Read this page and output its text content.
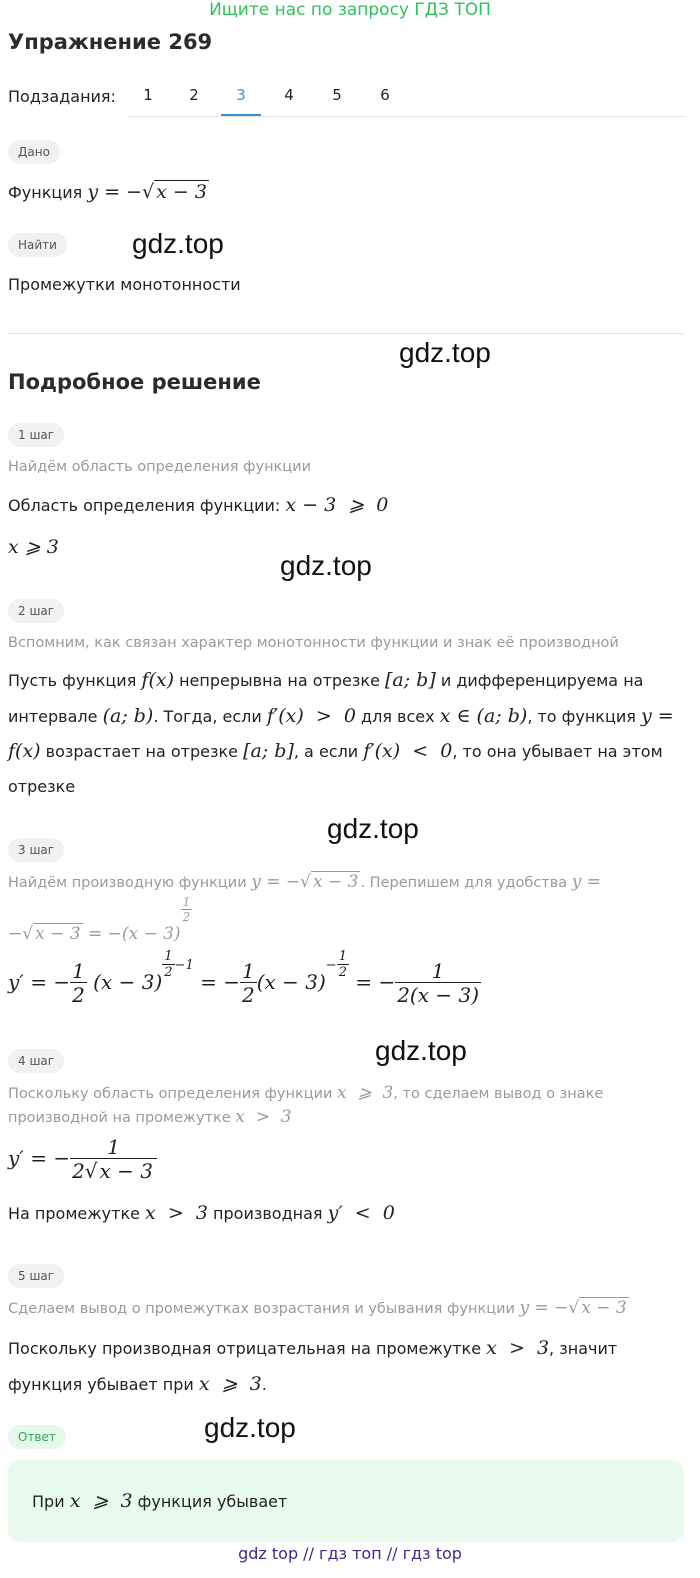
Ищите нас по запросу ГДЗ ТОП
Упражнение 269
Подзадания:	1	2	3	4	5	6
Дано
Функция y = −√ x − 3
Найти	gdz.top
Промежутки монотонности
gdz.top
Подробное решение
1 шаг
Найдём область определения функции
Область определения функции: x − 3  ⩾  0
x ⩾ 3
gdz.top
2 шаг
Вспомним, как связан характер монотонности функции и знак её производной
Пусть функция f(x) непрерывна на отрезке [a; b] и дифференцируема на
интервале (a; b). Тогда, если f′(x)  >  0 для всех x ∈ (a; b), то функция y =
f(x) возрастает на отрезке [a; b], а если f′(x)  <  0, то она убывает на этом
отрезке
gdz.top
3 шаг
Найдём производную функции y = −√ x − 3 . Перепишем для удобства y =
−√ x − 3 = −(x − 3)
$\frac{1}{2}$
y′ = − $\frac{1}{2} (x - 3)$
$^{\frac{1}{2} -1}$ = − $\frac{1}{2} (x - 3)^{- \frac{1}{2}}$
= − $\frac{1}{2(x - 3)}$
4 шаг	gdz.top
Поскольку область определения функции x  ⩾  3, то сделаем вывод о знаке
производной на промежутке x  >  3
y′ = − $\frac{1}{2√ x - 3}$
На промежутке x  >  3 производная y′  <  0
5 шаг
Сделаем вывод о промежутках возрастания и убывания функции y = −√ x − 3
Поскольку производная отрицательная на промежутке x  >  3, значит
функция убывает при x  ⩾  3.
Ответ	gdz.top
При x  ⩾  3 функция убывает
gdz top // гдз топ // гдз top
